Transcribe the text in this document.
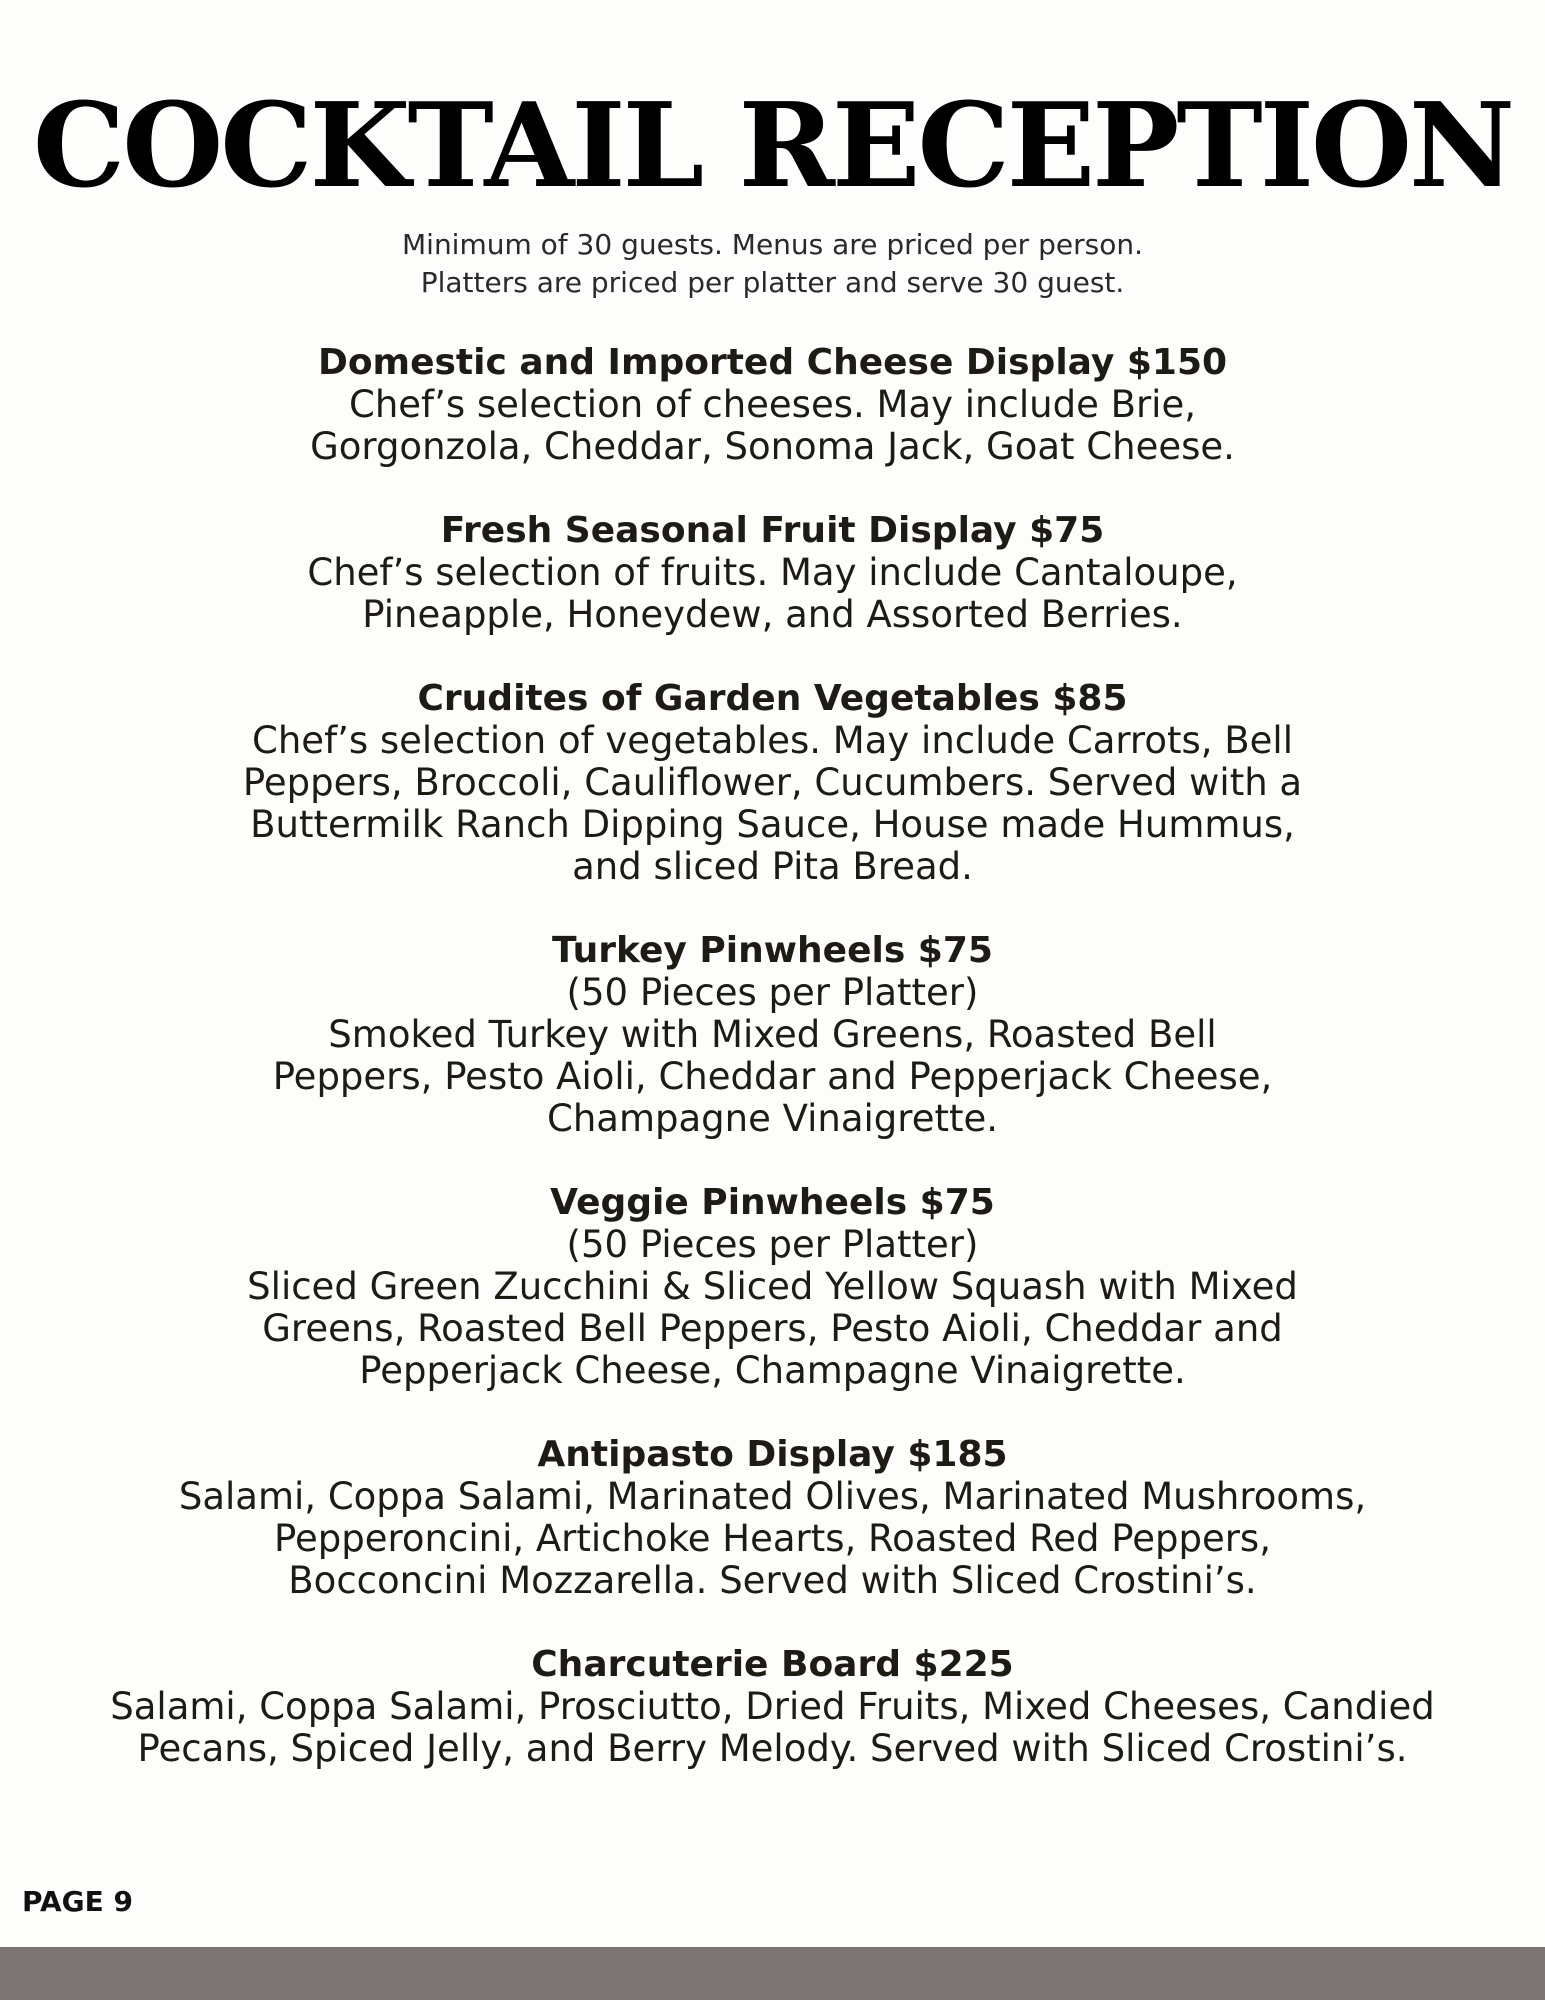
COCKTAIL RECEPTION
Minimum of 30 guests. Menus are priced per person.
Platters are priced per platter and serve 30 guest.
Domestic and Imported Cheese Display $150
Chef’s selection of cheeses. May include Brie,
Gorgonzola, Cheddar, Sonoma Jack, Goat Cheese.
Fresh Seasonal Fruit Display $75
Chef’s selection of fruits. May include Cantaloupe,
Pineapple, Honeydew, and Assorted Berries.
Crudites of Garden Vegetables $85
Chef’s selection of vegetables. May include Carrots, Bell
Peppers, Broccoli, Cauliflower, Cucumbers. Served with a
Buttermilk Ranch Dipping Sauce, House made Hummus,
and sliced Pita Bread.
Turkey Pinwheels $75
(50 Pieces per Platter)
Smoked Turkey with Mixed Greens, Roasted Bell
Peppers, Pesto Aioli, Cheddar and Pepperjack Cheese,
Champagne Vinaigrette.
Veggie Pinwheels $75
(50 Pieces per Platter)
Sliced Green Zucchini & Sliced Yellow Squash with Mixed
Greens, Roasted Bell Peppers, Pesto Aioli, Cheddar and
Pepperjack Cheese, Champagne Vinaigrette.
Antipasto Display $185
Salami, Coppa Salami, Marinated Olives, Marinated Mushrooms,
Pepperoncini, Artichoke Hearts, Roasted Red Peppers,
Bocconcini Mozzarella. Served with Sliced Crostini’s.
Charcuterie Board $225
Salami, Coppa Salami, Prosciutto, Dried Fruits, Mixed Cheeses, Candied
Pecans, Spiced Jelly, and Berry Melody. Served with Sliced Crostini’s.
PAGE 9
